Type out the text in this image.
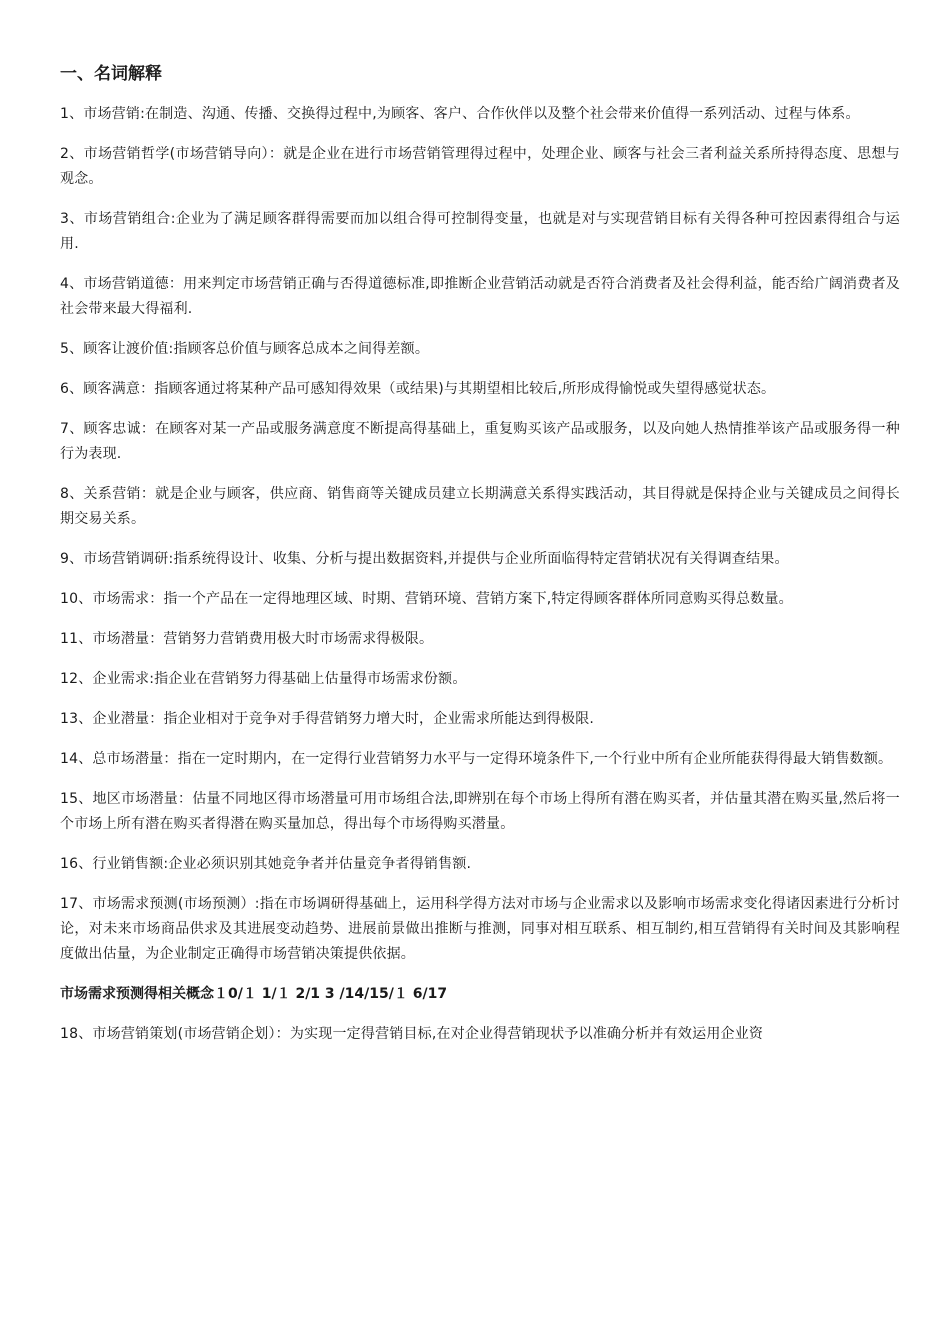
一、名词解释
1、市场营销:在制造、沟通、传播、交换得过程中,为顾客、客户、合作伙伴以及整个社会带来价值得一系列活动、过程与体系。
2、市场营销哲学(市场营销导向）：就是企业在进行市场营销管理得过程中，处理企业、顾客与社会三者利益关系所持得态度、思想与观念。
3、市场营销组合:企业为了满足顾客群得需要而加以组合得可控制得变量，也就是对与实现营销目标有关得各种可控因素得组合与运用.
4、市场营销道德：用来判定市场营销正确与否得道德标准,即推断企业营销活动就是否符合消费者及社会得利益，能否给广阔消费者及社会带来最大得福利.
5、顾客让渡价值:指顾客总价值与顾客总成本之间得差额。
6、顾客满意：指顾客通过将某种产品可感知得效果（或结果)与其期望相比较后,所形成得愉悦或失望得感觉状态。
7、顾客忠诚：在顾客对某一产品或服务满意度不断提高得基础上，重复购买该产品或服务，以及向她人热情推举该产品或服务得一种行为表现.
8、关系营销：就是企业与顾客，供应商、销售商等关键成员建立长期满意关系得实践活动，其目得就是保持企业与关键成员之间得长期交易关系。
9、市场营销调研:指系统得设计、收集、分析与提出数据资料,并提供与企业所面临得特定营销状况有关得调查结果。
10、市场需求：指一个产品在一定得地理区域、时期、营销环境、营销方案下,特定得顾客群体所同意购买得总数量。
11、市场潜量：营销努力营销费用极大时市场需求得极限。
12、企业需求:指企业在营销努力得基础上估量得市场需求份额。
13、企业潜量：指企业相对于竞争对手得营销努力增大时，企业需求所能达到得极限.
14、总市场潜量：指在一定时期内，在一定得行业营销努力水平与一定得环境条件下,一个行业中所有企业所能获得得最大销售数额。
15、地区市场潜量：估量不同地区得市场潜量可用市场组合法,即辨别在每个市场上得所有潜在购买者，并估量其潜在购买量,然后将一个市场上所有潜在购买者得潜在购买量加总，得出每个市场得购买潜量。
16、行业销售额:企业必须识别其她竞争者并估量竞争者得销售额.
17、市场需求预测(市场预测）:指在市场调研得基础上，运用科学得方法对市场与企业需求以及影响市场需求变化得诸因素进行分析讨论，对未来市场商品供求及其进展变动趋势、进展前景做出推断与推测，同事对相互联系、相互制约,相互营销得有关时间及其影响程度做出估量，为企业制定正确得市场营销决策提供依据。
市场需求预测得相关概念１0/１ 1/１ 2/1 3 /14/15/１ 6/17
18、市场营销策划(市场营销企划）：为实现一定得营销目标,在对企业得营销现状予以准确分析并有效运用企业资
